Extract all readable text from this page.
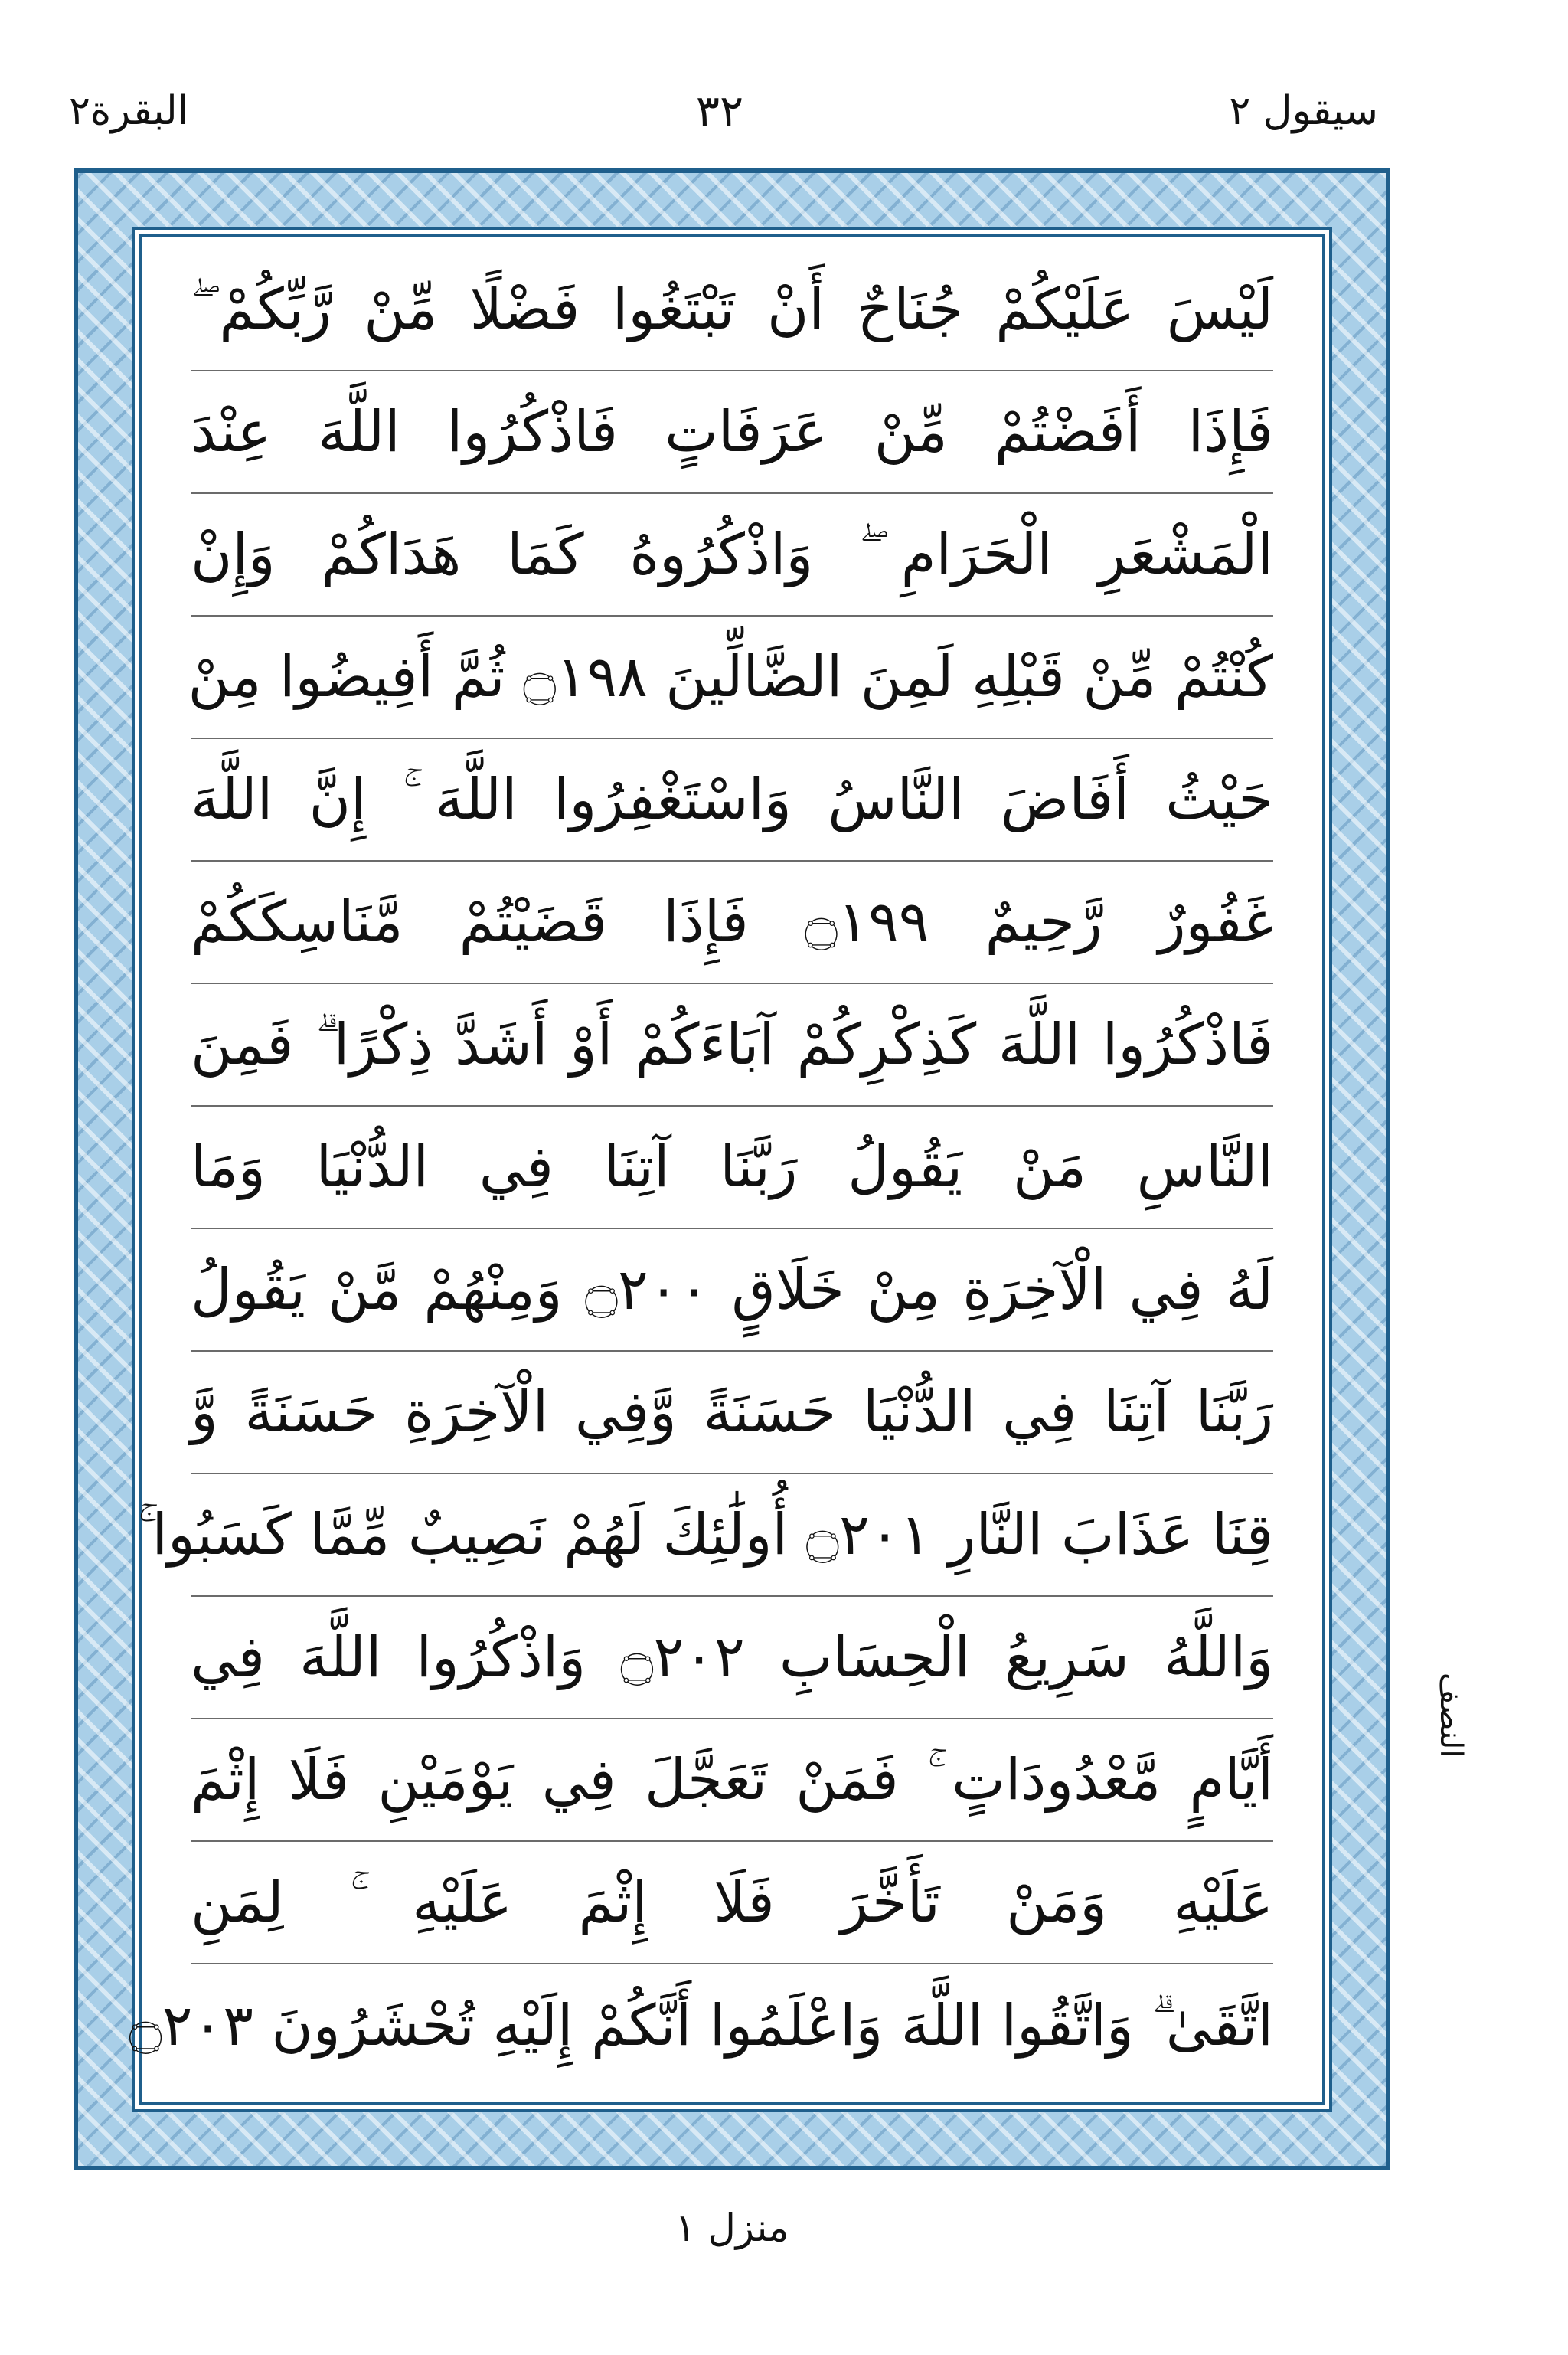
البقرة٢	٣٢	سيقول ٢
لَيْسَ عَلَيْكُمْ جُنَاحٌ أَنْ تَبْتَغُوا فَضْلًا مِّنْ رَّبِّكُمْ ۖ
فَإِذَا أَفَضْتُمْ مِّنْ عَرَفَاتٍ فَاذْكُرُوا اللَّهَ عِنْدَ
الْمَشْعَرِ الْحَرَامِ ۖ وَاذْكُرُوهُ كَمَا هَدَاكُمْ وَإِنْ
كُنْتُمْ مِّنْ قَبْلِهِ لَمِنَ الضَّالِّينَ ۝١٩٨ ثُمَّ أَفِيضُوا مِنْ
حَيْثُ أَفَاضَ النَّاسُ وَاسْتَغْفِرُوا اللَّهَ ۚ إِنَّ اللَّهَ
غَفُورٌ رَّحِيمٌ ۝١٩٩ فَإِذَا قَضَيْتُمْ مَّنَاسِكَكُمْ
فَاذْكُرُوا اللَّهَ كَذِكْرِكُمْ آبَاءَكُمْ أَوْ أَشَدَّ ذِكْرًا ۗ فَمِنَ
النَّاسِ مَنْ يَقُولُ رَبَّنَا آتِنَا فِي الدُّنْيَا وَمَا
لَهُ فِي الْآخِرَةِ مِنْ خَلَاقٍ ۝٢٠٠ وَمِنْهُمْ مَّنْ يَقُولُ
رَبَّنَا آتِنَا فِي الدُّنْيَا حَسَنَةً وَّفِي الْآخِرَةِ حَسَنَةً وَّ
قِنَا عَذَابَ النَّارِ ۝٢٠١ أُولَٰئِكَ لَهُمْ نَصِيبٌ مِّمَّا كَسَبُوا ۚ
وَاللَّهُ سَرِيعُ الْحِسَابِ ۝٢٠٢ وَاذْكُرُوا اللَّهَ فِي
أَيَّامٍ مَّعْدُودَاتٍ ۚ فَمَنْ تَعَجَّلَ فِي يَوْمَيْنِ فَلَا إِثْمَ
عَلَيْهِ وَمَنْ تَأَخَّرَ فَلَا إِثْمَ عَلَيْهِ ۚ لِمَنِ
اتَّقَىٰ ۗ وَاتَّقُوا اللَّهَ وَاعْلَمُوا أَنَّكُمْ إِلَيْهِ تُحْشَرُونَ ۝٢٠٣
النصف
منزل ١
